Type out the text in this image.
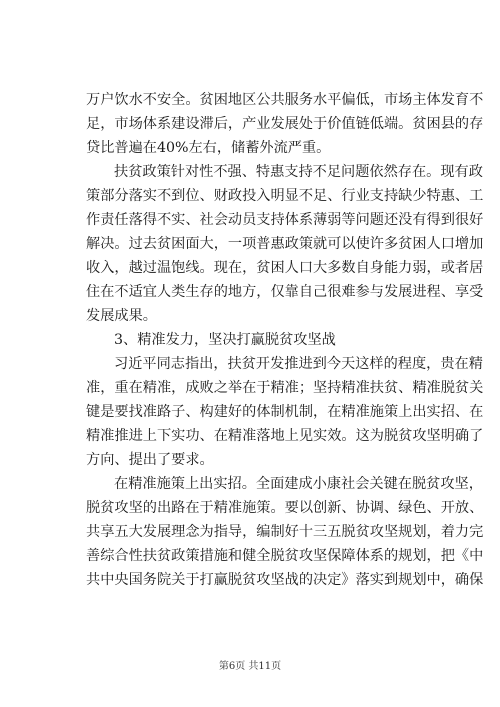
万户饮水不安全。贫困地区公共服务水平偏低，市场主体发育不
足，市场体系建设滞后，产业发展处于价值链低端。贫困县的存
贷比普遍在40%左右，储蓄外流严重。
扶贫政策针对性不强、特惠支持不足问题依然存在。现有政
策部分落实不到位、财政投入明显不足、行业支持缺少特惠、工
作责任落得不实、社会动员支持体系薄弱等问题还没有得到很好
解决。过去贫困面大，一项普惠政策就可以使许多贫困人口增加
收入，越过温饱线。现在，贫困人口大多数自身能力弱，或者居
住在不适宜人类生存的地方，仅靠自己很难参与发展进程、享受
发展成果。
3、精准发力，坚决打赢脱贫攻坚战
习近平同志指出，扶贫开发推进到今天这样的程度，贵在精
准，重在精准，成败之举在于精准；坚持精准扶贫、精准脱贫关
键是要找准路子、构建好的体制机制，在精准施策上出实招、在
精准推进上下实功、在精准落地上见实效。这为脱贫攻坚明确了
方向、提出了要求。
在精准施策上出实招。全面建成小康社会关键在脱贫攻坚，
脱贫攻坚的出路在于精准施策。要以创新、协调、绿色、开放、
共享五大发展理念为指导，编制好十三五脱贫攻坚规划，着力完
善综合性扶贫政策措施和健全脱贫攻坚保障体系的规划，把《中
共中央国务院关于打赢脱贫攻坚战的决定》落实到规划中，确保
第6页 共11页
